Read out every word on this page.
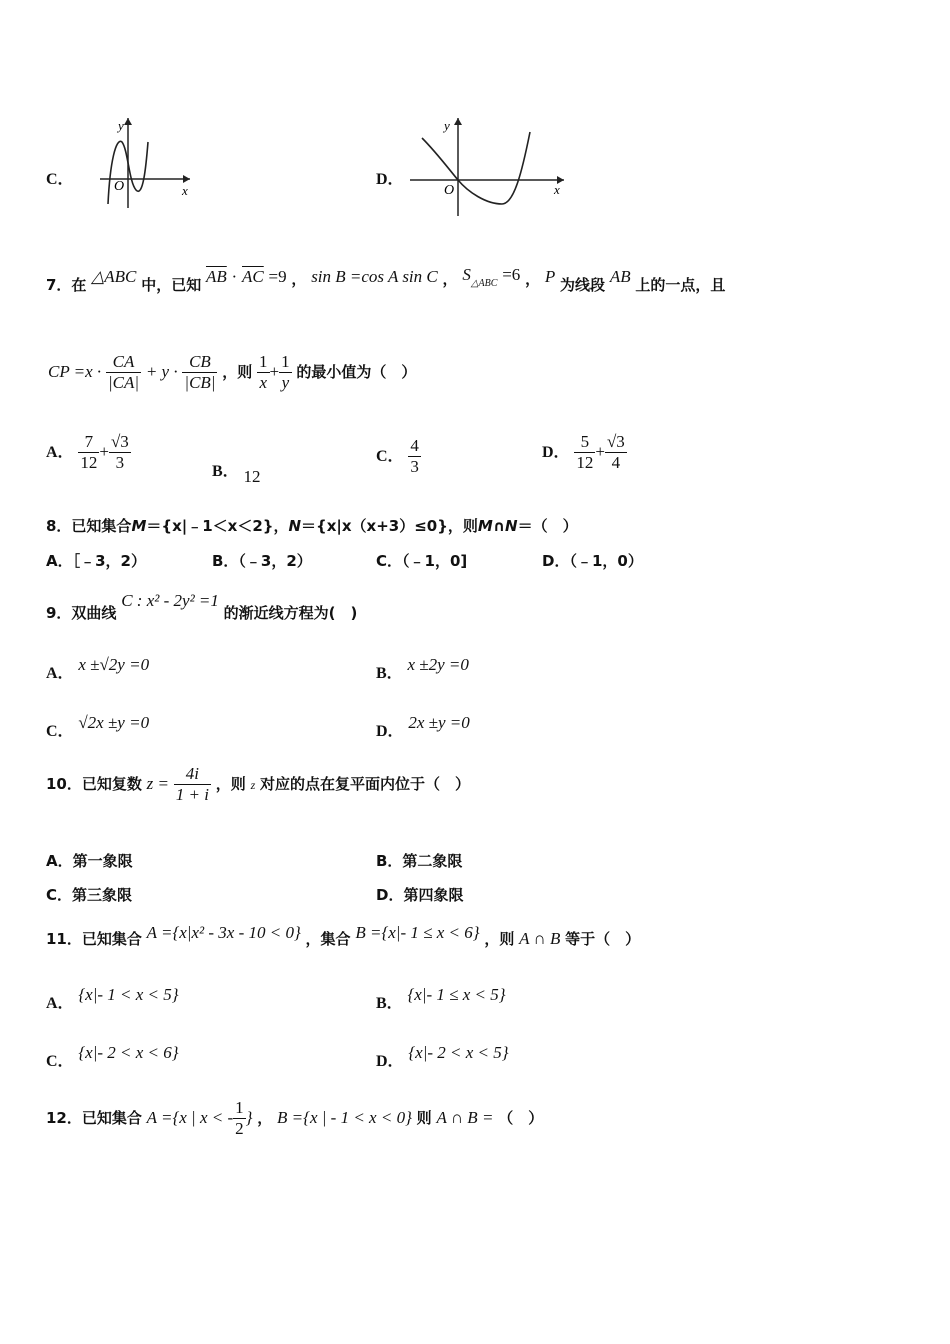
C．
y
x
O	D．
y
x
O
7．在 △ABC 中，已知 $\overline{AB} \cdot \overline{AC} =9$ ， sin B =cos A sin C ， $S_{\triangle ABC} =6$ ， P 为线段 AB 上的一点，且
CP $=x \cdot \frac{CA}{|CA|} + y \cdot \frac{CB}{|CB|}$ ，则 $\frac{1}{x} + \frac{1}{y}$ 的最小值为（　）
A． $\frac{7}{12} + \frac{√3}{3}$	B． 12
C． $\frac{4}{3}$	D． $\frac{5}{12} + \frac{√3}{4}$
8．已知集合M＝{x|﹣1＜x＜2}，N＝{x|x（x+3）≤0}，则M∩N＝（　）
A．［﹣3，2）	B．（﹣3，2）	C．（﹣1，0]	D．（﹣1，0）
9．双曲线 C : x² - 2y² =1 的渐近线方程为(　)
A． x ±√2y =0	B． x ±2y =0
C． √2x ±y =0	D． 2x ±y =0
10．已知复数 $z = \frac{4i}{1 + i}$ ，则 z 对应的点在复平面内位于（　）
A．第一象限	B．第二象限
C．第三象限	D．第四象限
11．已知集合 A ={x|x² - 3x - 10 < 0} ，集合 B ={x|- 1 ≤ x < 6} ，则 A ∩ B 等于（　）
A． {x|- 1 < x < 5}	B． {x|- 1 ≤ x < 5}
C． {x|- 2 < x < 6}	D． {x|- 2 < x < 5}
12．已知集合 A ={x | x < - $\frac{1}{2}$ } ， B ={x | - 1 < x < 0} 则 A ∩ B = （　）
